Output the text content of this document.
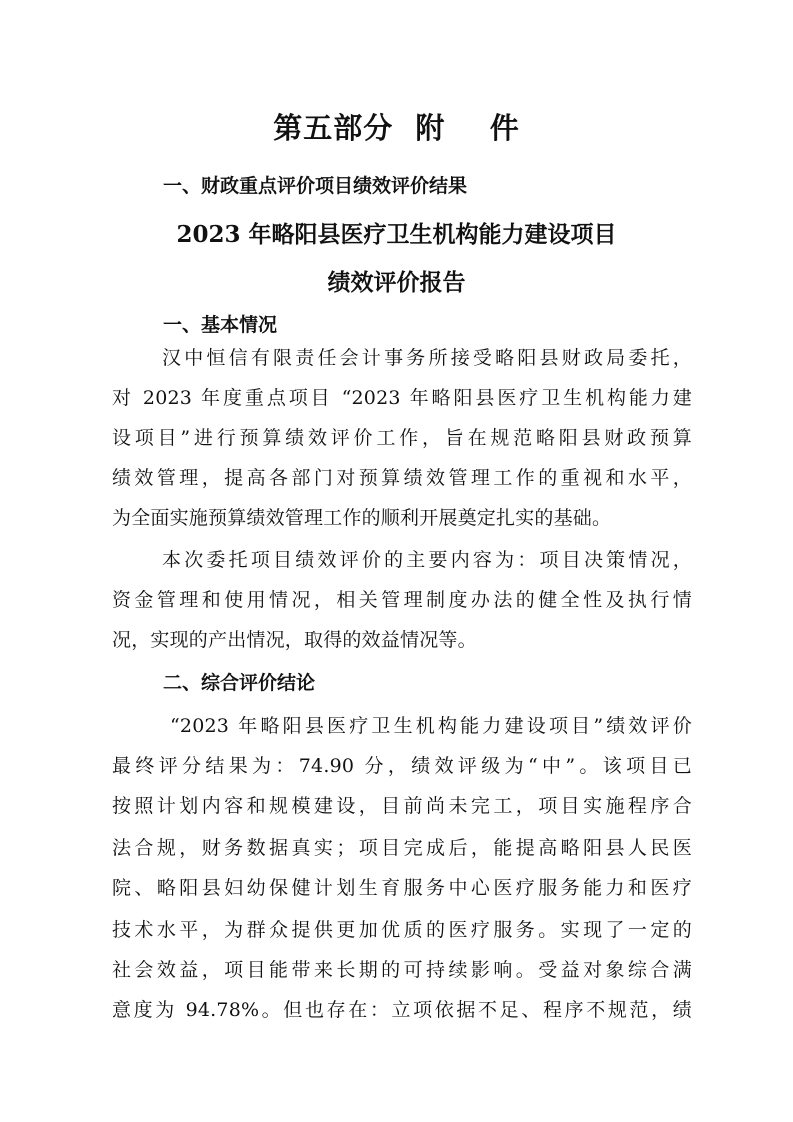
第五部分  附    件
一、财政重点评价项目绩效评价结果
2023 年略阳县医疗卫生机构能力建设项目
绩效评价报告
一、基本情况
汉中恒信有限责任会计事务所接受略阳县财政局委托，
对 2023 年度重点项目 “2023 年略阳县医疗卫生机构能力建
设项目”进行预算绩效评价工作，旨在规范略阳县财政预算
绩效管理，提高各部门对预算绩效管理工作的重视和水平，
为全面实施预算绩效管理工作的顺利开展奠定扎实的基础。
本次委托项目绩效评价的主要内容为：项目决策情况，
资金管理和使用情况，相关管理制度办法的健全性及执行情
况，实现的产出情况，取得的效益情况等。
二、综合评价结论
“2023 年略阳县医疗卫生机构能力建设项目”绩效评价
最终评分结果为：74.90 分，绩效评级为“中”。该项目已
按照计划内容和规模建设，目前尚未完工，项目实施程序合
法合规，财务数据真实；项目完成后，能提高略阳县人民医
院、略阳县妇幼保健计划生育服务中心医疗服务能力和医疗
技术水平，为群众提供更加优质的医疗服务。实现了一定的
社会效益，项目能带来长期的可持续影响。受益对象综合满
意度为 94.78%。但也存在：立项依据不足、程序不规范，绩
